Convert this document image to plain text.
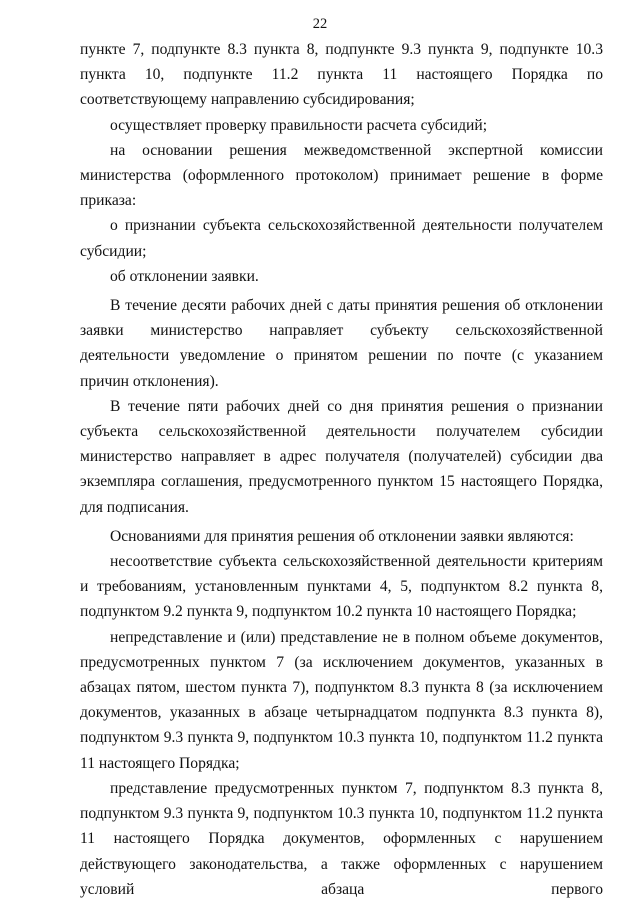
22

пункте 7, подпункте 8.3 пункта 8, подпункте 9.3 пункта 9, подпункте 10.3 пункта 10, подпункте 11.2 пункта 11 настоящего Порядка по соответствующему направлению субсидирования;

осуществляет проверку правильности расчета субсидий;

на основании решения межведомственной экспертной комиссии министерства (оформленного протоколом) принимает решение в форме приказа:

о признании субъекта сельскохозяйственной деятельности получателем субсидии;

об отклонении заявки.

В течение десяти рабочих дней с даты принятия решения об отклонении заявки министерство направляет субъекту сельскохозяйственной деятельности уведомление о принятом решении по почте (с указанием причин отклонения).

В течение пяти рабочих дней со дня принятия решения о признании субъекта сельскохозяйственной деятельности получателем субсидии министерство направляет в адрес получателя (получателей) субсидии два экземпляра соглашения, предусмотренного пунктом 15 настоящего Порядка, для подписания.

Основаниями для принятия решения об отклонении заявки являются:

несоответствие субъекта сельскохозяйственной деятельности критериям и требованиям, установленным пунктами 4, 5, подпунктом 8.2 пункта 8, подпунктом 9.2 пункта 9, подпунктом 10.2 пункта 10 настоящего Порядка;

непредставление и (или) представление не в полном объеме документов, предусмотренных пунктом 7 (за исключением документов, указанных в абзацах пятом, шестом пункта 7), подпунктом 8.3 пункта 8 (за исключением документов, указанных в абзаце четырнадцатом подпункта 8.3 пункта 8), подпунктом 9.3 пункта 9, подпунктом 10.3 пункта 10, подпунктом 11.2 пункта 11 настоящего Порядка;

представление предусмотренных пунктом 7, подпунктом 8.3 пункта 8, подпунктом 9.3 пункта 9, подпунктом 10.3 пункта 10, подпунктом 11.2 пункта 11 настоящего Порядка документов, оформленных с нарушением действующего законодательства, а также оформленных с нарушением условий абзаца первого
